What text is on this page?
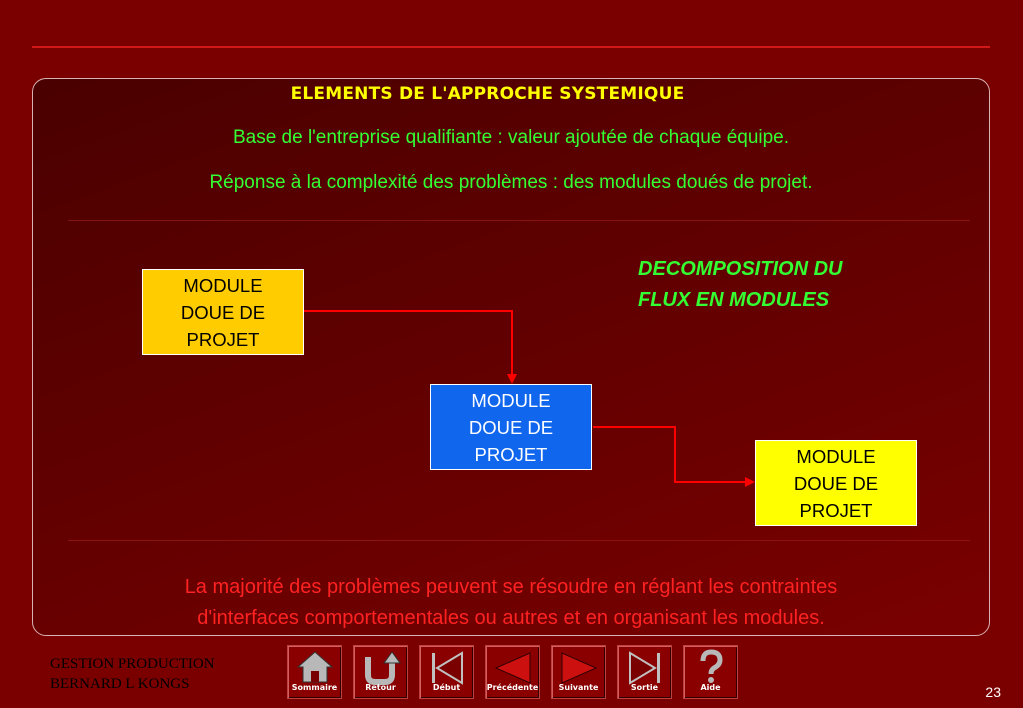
ELEMENTS DE L'APPROCHE SYSTEMIQUE
Base de l'entreprise qualifiante : valeur ajoutée de chaque équipe.
Réponse à la complexité des problèmes : des modules doués de projet.
MODULE
DOUE DE
PROJET
MODULE
DOUE DE
PROJET	MODULE
DOUE DE
PROJET
DECOMPOSITION DU
FLUX EN MODULES
La majorité des problèmes peuvent se résoudre en réglant les contraintes
d'interfaces comportementales ou autres et en organisant les modules.
GESTION PRODUCTION
BERNARD L KONGS	Sommaire	Retour	Début	Précédente	Suivante	Sortie	Aide	23
